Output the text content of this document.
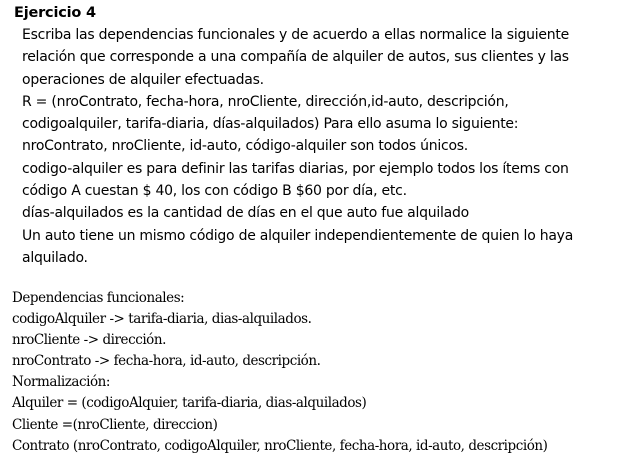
Ejercicio 4
Escriba las dependencias funcionales y de acuerdo a ellas normalice la siguiente
relación que corresponde a una compañía de alquiler de autos, sus clientes y las
operaciones de alquiler efectuadas.
R = (nroContrato, fecha-hora, nroCliente, dirección,id-auto, descripción,
codigoalquiler, tarifa-diaria, días-alquilados) Para ello asuma lo siguiente:
nroContrato, nroCliente, id-auto, código-alquiler son todos únicos.
codigo-alquiler es para definir las tarifas diarias, por ejemplo todos los ítems con
código A cuestan $ 40, los con código B $60 por día, etc.
días-alquilados es la cantidad de días en el que auto fue alquilado
Un auto tiene un mismo código de alquiler independientemente de quien lo haya
alquilado.
Dependencias funcionales:
codigoAlquiler -> tarifa-diaria, dias-alquilados.
nroCliente -> dirección.
nroContrato -> fecha-hora, id-auto, descripción.
Normalización:
Alquiler = (codigoAlquier, tarifa-diaria, dias-alquilados)
Cliente =(nroCliente, direccion)
Contrato (nroContrato, codigoAlquiler, nroCliente, fecha-hora, id-auto, descripción)
